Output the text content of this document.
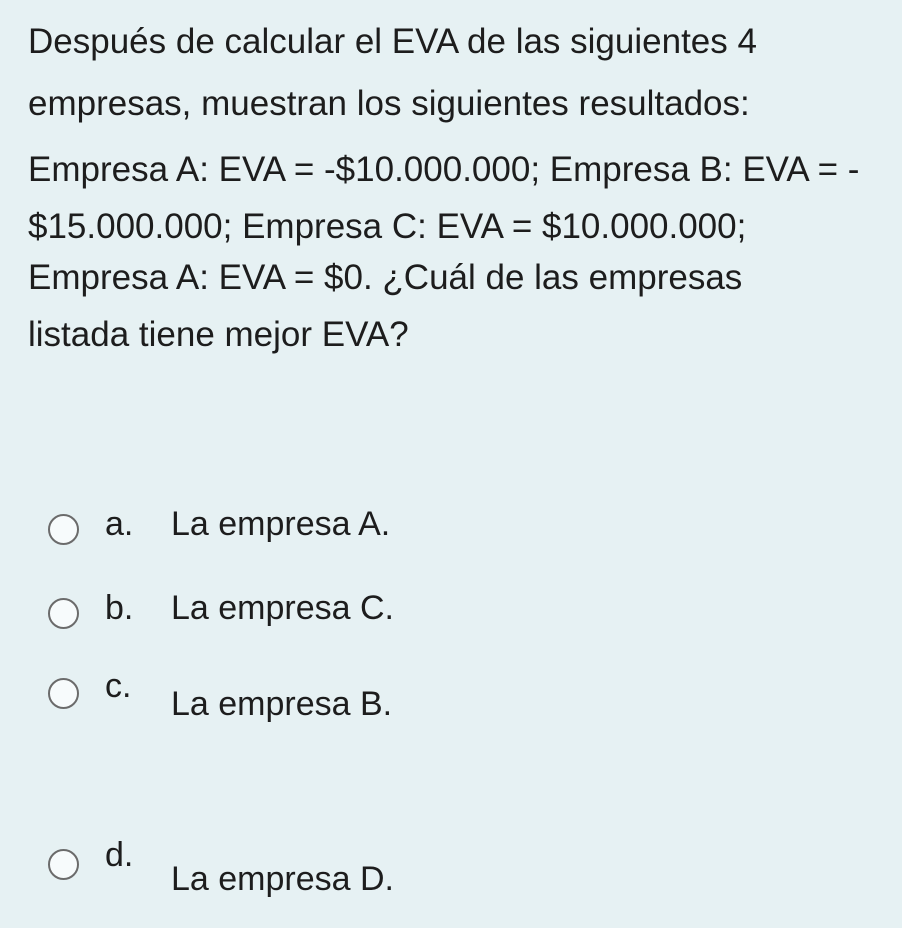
Después de calcular el EVA de las siguientes 4
empresas, muestran los siguientes resultados:
Empresa A: EVA = -$10.000.000; Empresa B: EVA = -
$15.000.000; Empresa C: EVA = $10.000.000;
Empresa A: EVA = $0. ¿Cuál de las empresas
listada tiene mejor EVA?
a. La empresa A.
b. La empresa C.
c. La empresa B.
d.
La empresa D.
